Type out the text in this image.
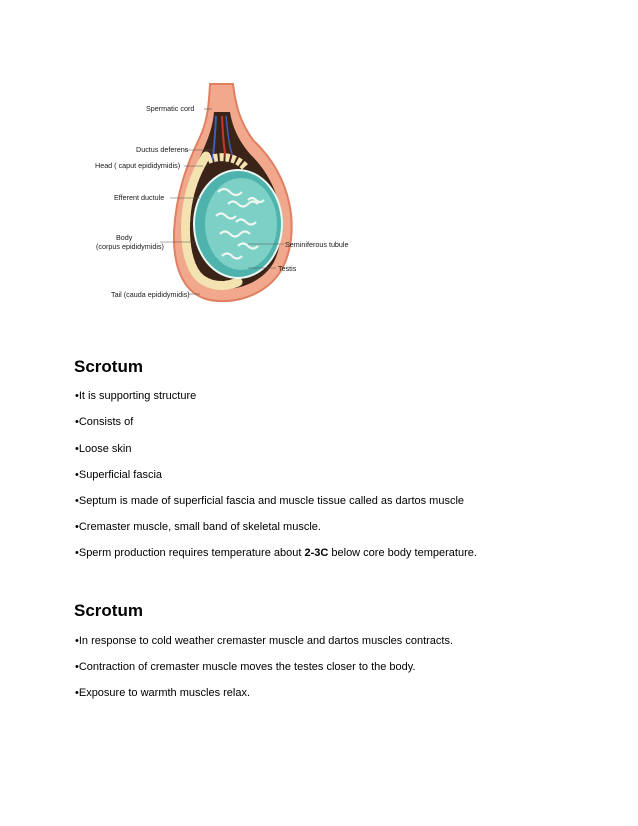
Spermatic cord
Ductus deferens
Head ( caput epididymidis)
Efferent ductule
Body
(corpus epididymidis)	Seminiferous tubule
Testis
Tail (cauda epididymidis)
Scrotum

•It is supporting structure

•Consists of

•Loose skin

•Superficial fascia

•Septum is made of superficial fascia and muscle tissue called as dartos muscle

•Cremaster muscle, small band of skeletal muscle.

•Sperm production requires temperature about 2-3C below core body temperature.

Scrotum

•In response to cold weather cremaster muscle and dartos muscles contracts.

•Contraction of cremaster muscle moves the testes closer to the body.

•Exposure to warmth muscles relax.
